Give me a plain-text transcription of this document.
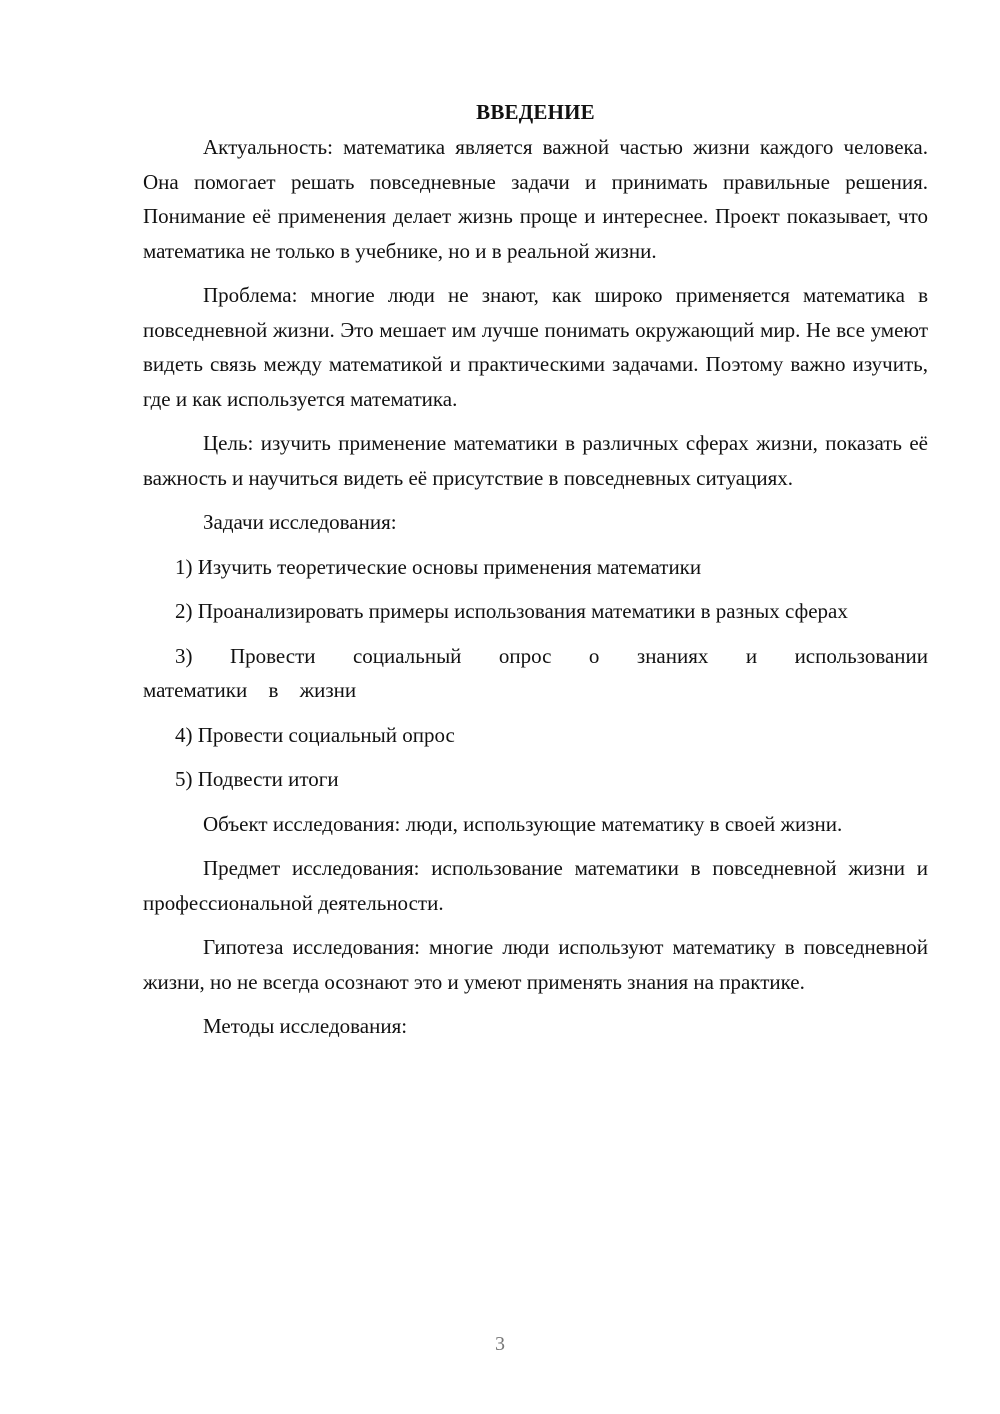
ВВЕДЕНИЕ

Актуальность: математика является важной частью жизни каждого человека. Она помогает решать повседневные задачи и принимать правильные решения. Понимание её применения делает жизнь проще и интереснее. Проект показывает, что математика не только в учебнике, но и в реальной жизни.

Проблема: многие люди не знают, как широко применяется математика в повседневной жизни. Это мешает им лучше понимать окружающий мир. Не все умеют видеть связь между математикой и практическими задачами. Поэтому важно изучить, где и как используется математика.

Цель: изучить применение математики в различных сферах жизни, показать её важность и научиться видеть её присутствие в повседневных ситуациях.

Задачи исследования:

1) Изучить теоретические основы применения математики

2) Проанализировать примеры использования математики в разных сферах

3) Провести социальный опрос о знаниях и использовании математики в жизни

4) Провести социальный опрос

5) Подвести итоги

Объект исследования: люди, использующие математику в своей жизни.

Предмет исследования: использование математики в повседневной жизни и профессиональной деятельности.

Гипотеза исследования: многие люди используют математику в повседневной жизни, но не всегда осознают это и умеют применять знания на практике.

Методы исследования:

3
